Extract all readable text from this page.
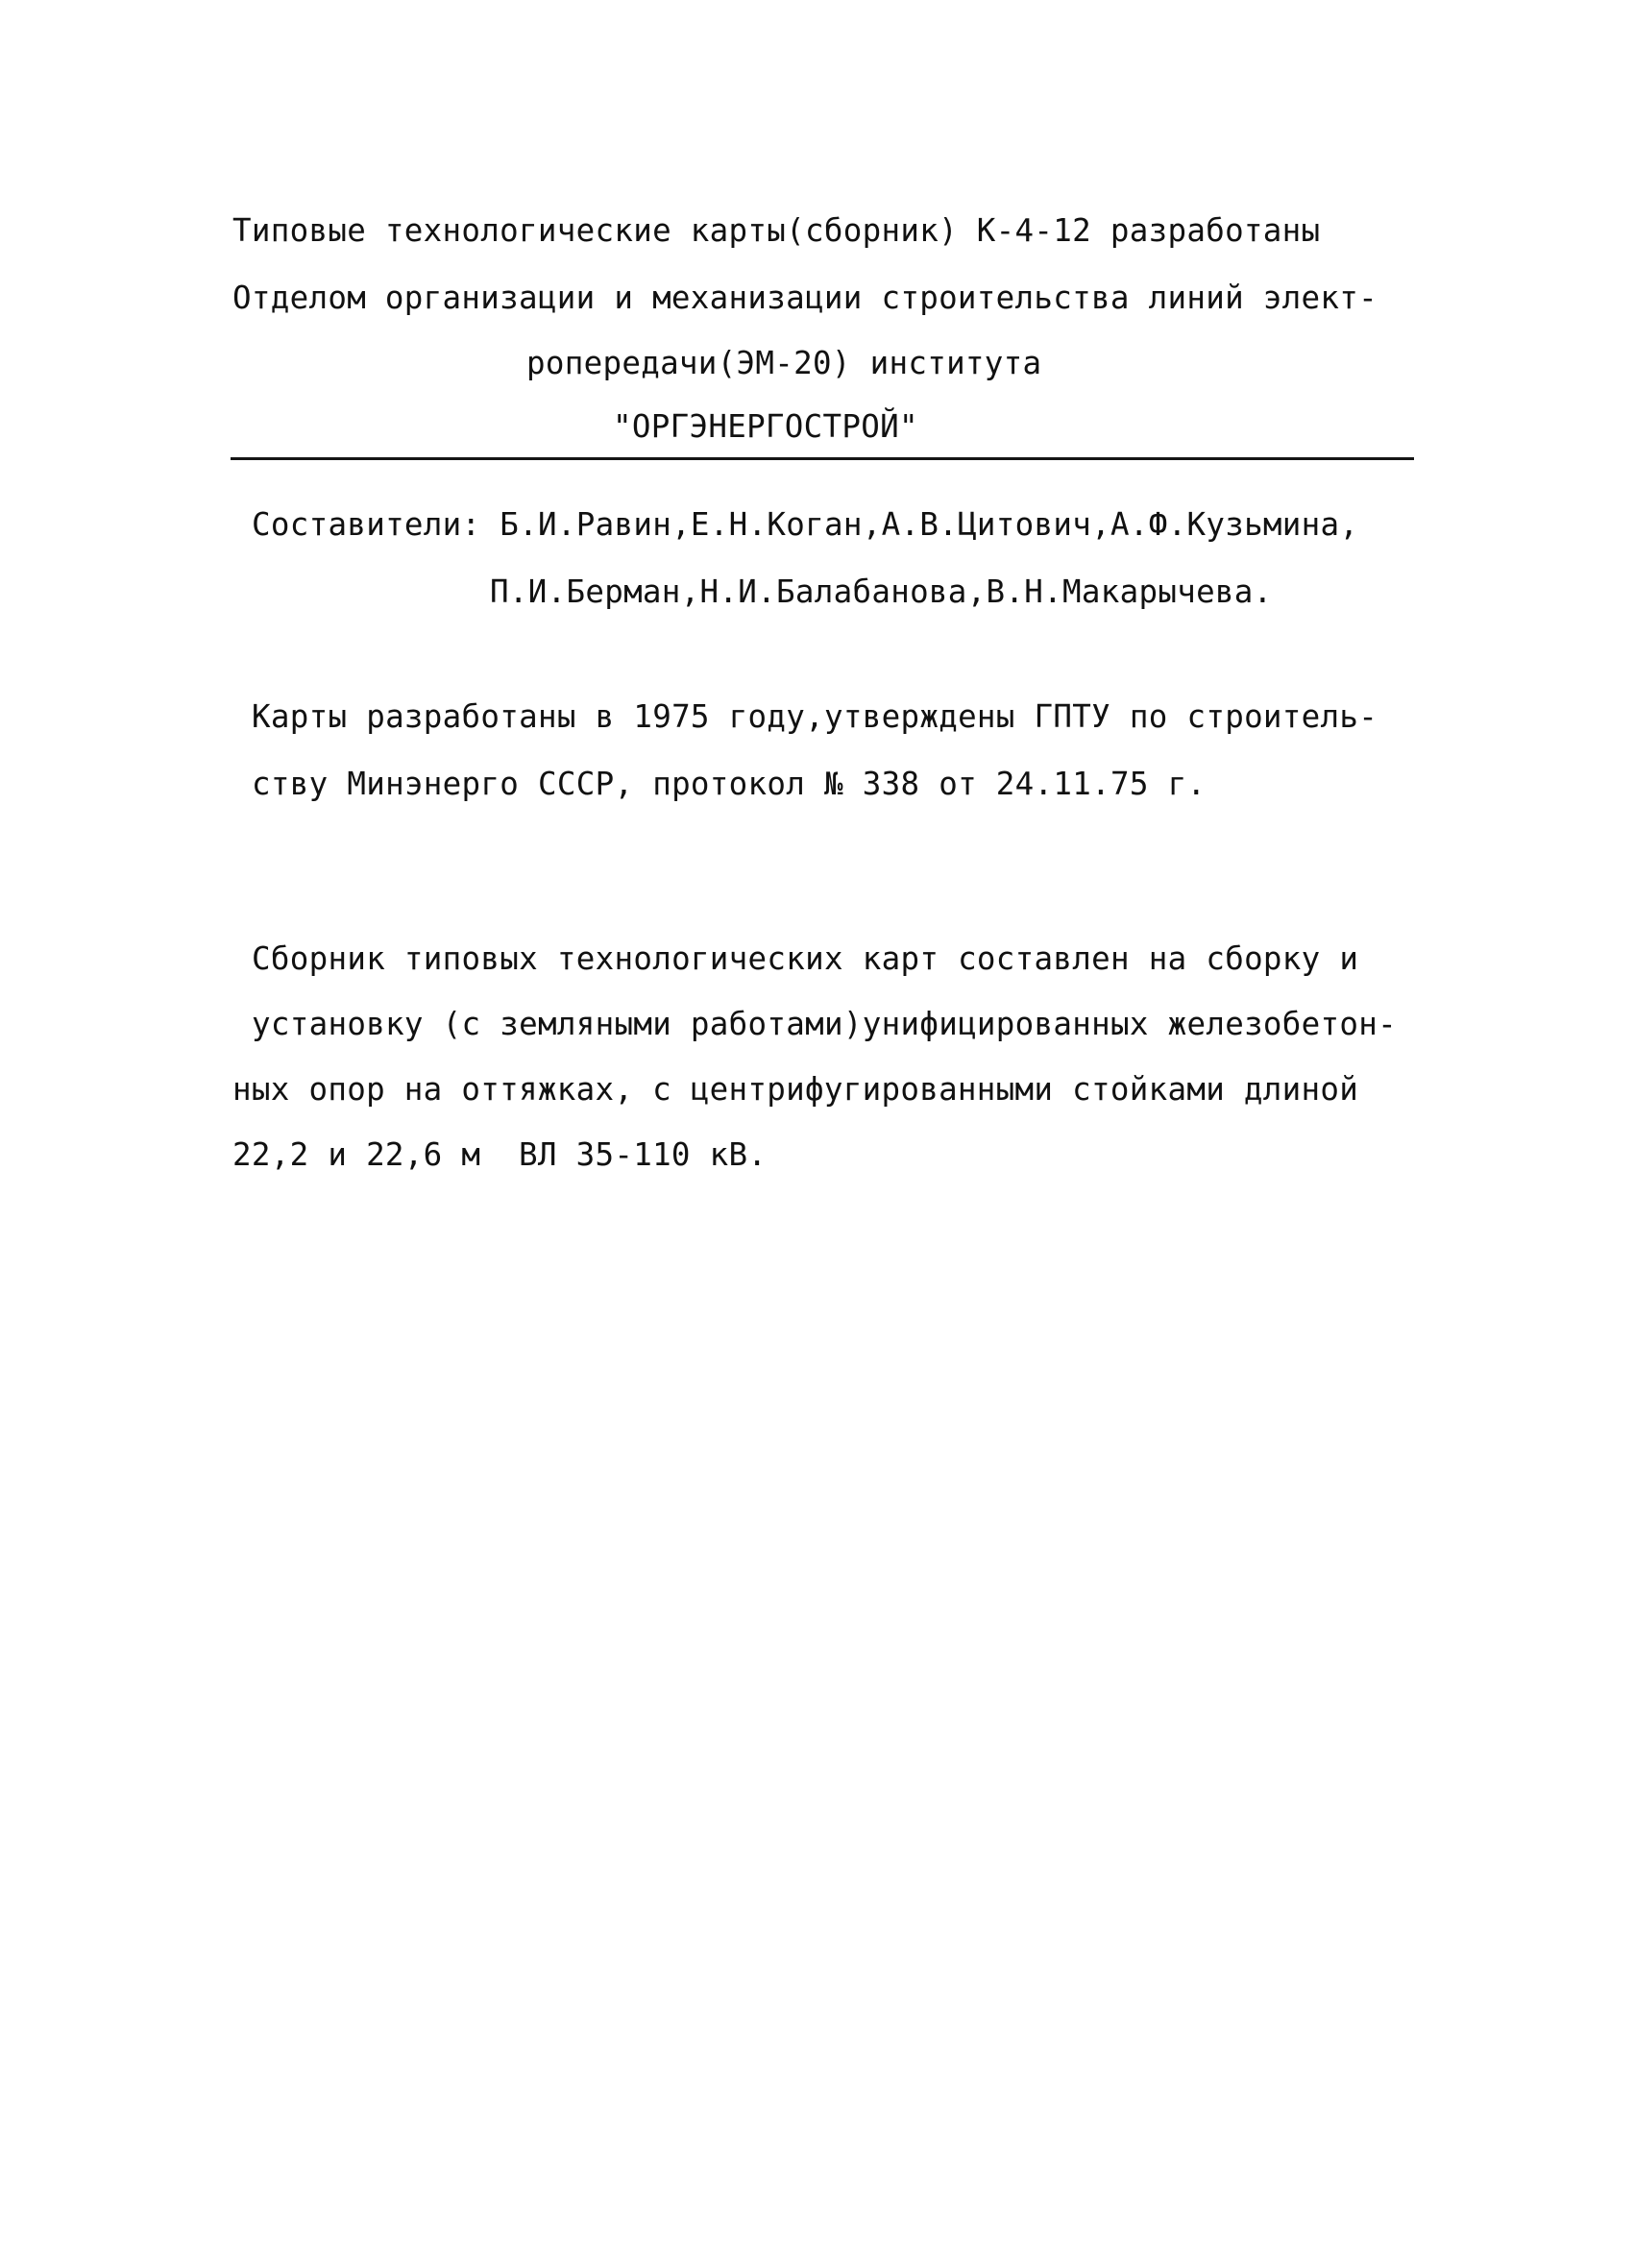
Типовые технологические карты(сборник) К-4-12 разработаны
Отделом организации и механизации строительства линий элект-
ропередачи(ЭМ-20) института
"ОРГЭНЕРГОСТРОЙ"
Составители: Б.И.Равин,Е.Н.Коган,А.В.Цитович,А.Ф.Кузьмина,
П.И.Берман,Н.И.Балабанова,В.Н.Макарычева.
Карты разработаны в 1975 году,утверждены ГПТУ по строитель-
ству Минэнерго СССР, протокол № 338 от 24.11.75 г.
Сборник типовых технологических карт составлен на сборку и
установку (с земляными работами)унифицированных железобетон-
ных опор на оттяжках, с центрифугированными стойками длиной
22,2 и 22,6 м  ВЛ 35-110 кВ.
